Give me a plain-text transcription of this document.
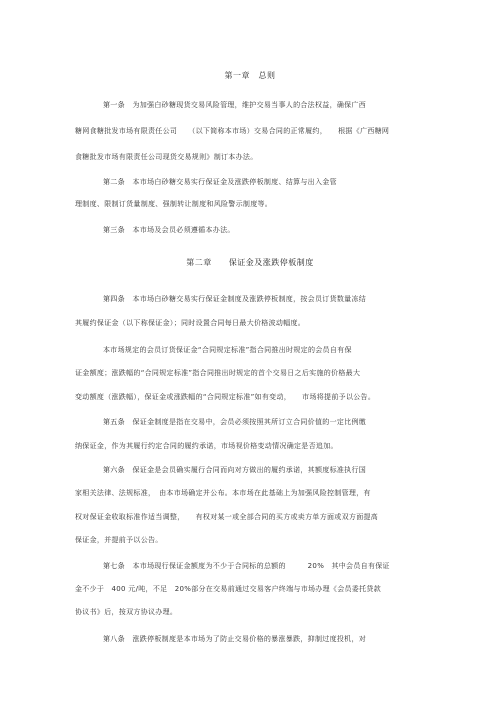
第一章　总则
第一条 为加强白砂糖现货交易风险管理，维护交易当事人的合法权益，确保广西
糖网食糖批发市场有限责任公司　　（以下简称本市场）交易合同的正常履约，　　根据《广西糖网
食糖批发市场有限责任公司现货交易规则》制订本办法。
第二条 本市场白砂糖交易实行保证金及涨跌停板制度、结算与出入金管
理制度、限制订货量制度、强制转让制度和风险警示制度等。
第三条 本市场及会员必须遵循本办法。
第二章　　保证金及涨跌停板制度
第四条 本市场白砂糖交易实行保证金制度及涨跌停板制度，按会员订货数量冻结
其履约保证金（以下称保证金）；同时设置合同每日最大价格波动幅度。
本市场规定的会员订货保证金“合同规定标准”指合同推出时规定的会员自有保
证金额度；涨跌幅的“合同规定标准”指合同推出时规定的首个交易日之后实施的价格最大
变动额度（涨跌幅），保证金或涨跌幅的“合同规定标准”如有变动，　　市场将提前予以公告。
第五条 保证金制度是指在交易中，会员必须按照其所订立合同价值的一定比例缴
纳保证金，作为其履行约定合同的履约承诺，市场视价格变动情况确定是否追加。
第六条 保证金是会员确实履行合同而向对方做出的履约承诺，其额度标准执行国
家相关法律、法规标准，　由本市场确定并公布。本市场在此基础上为加强风险控制管理，有
权对保证金收取标准作适当调整，　　有权对某一或全部合同的买方或卖方单方面或双方面提高
保证金，并提前予以公告。
第七条 本市场现行保证金额度为不少于合同标的总额的　　　20%　其中会员自有保证
金不少于　400 元/吨，不足　20%部分在交易前通过交易客户终端与市场办理《会员委托贷款
协议书》后，按双方协议办理。
第八条 涨跌停板制度是本市场为了防止交易价格的暴涨暴跌，抑制过度投机，对
